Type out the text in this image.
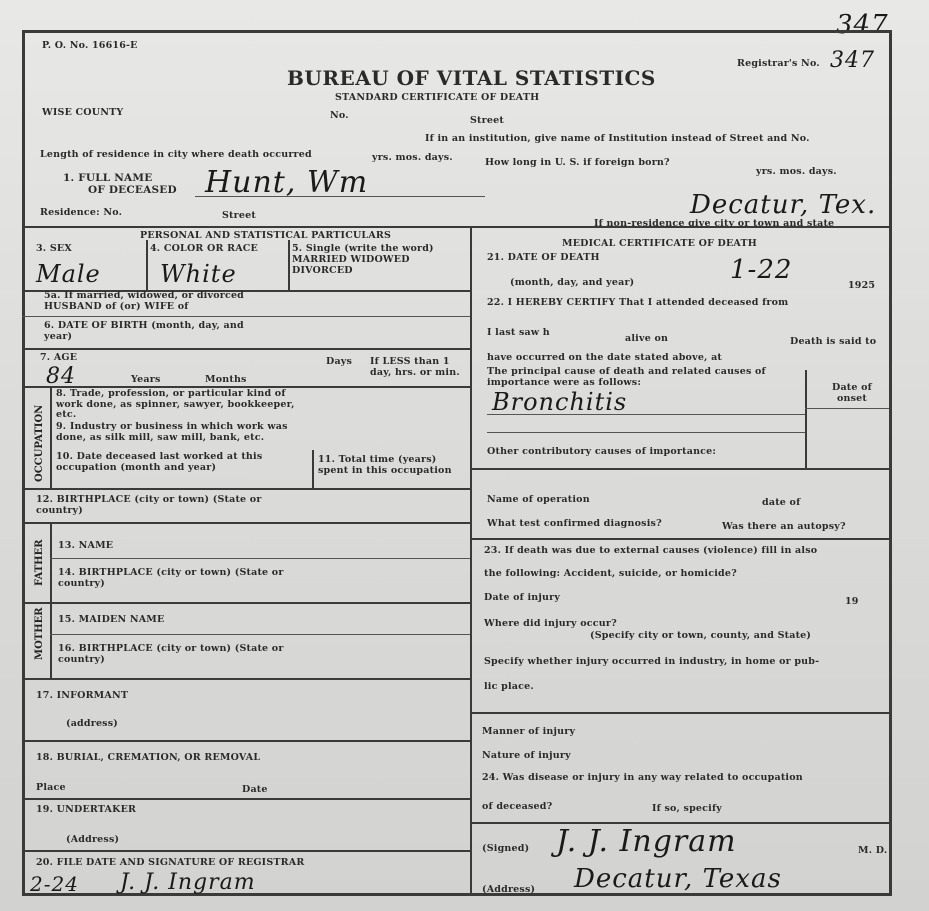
347
P. O. No. 16616-E
BUREAU OF VITAL STATISTICS
STANDARD CERTIFICATE OF DEATH
Registrar's No. 347
WISE COUNTY	No.	Street
If in an institution, give name of Institution instead of Street and No.
Length of residence in city where death occurred	yrs. mos. days.	How long in U. S. if foreign born?
yrs. mos. days.
1. FULL NAME
OF DECEASED Hunt, Wm
Residence: No.	Street	Decatur, Tex.
If non-residence give city or town and state
PERSONAL AND STATISTICAL PARTICULARS
3. SEX	4. COLOR OR RACE	5. Single (write the word) MARRIED WIDOWED DIVORCED
Male White
5a. If married, widowed, or divorced HUSBAND of (or) WIFE of
6. DATE OF BIRTH (month, day, and year)
7. AGE
84	Years	Months
Days If LESS than 1 day, hrs. or min.
OCCUPATION
8. Trade, profession, or particular kind of work done, as spinner, sawyer, bookkeeper, etc.
9. Industry or business in which work was done, as silk mill, saw mill, bank, etc.
10. Date deceased last worked at this occupation (month and year)
11. Total time (years) spent in this occupation
12. BIRTHPLACE (city or town) (State or country)
FATHER 13. NAME
14. BIRTHPLACE (city or town) (State or country)
MOTHER 15. MAIDEN NAME
16. BIRTHPLACE (city or town) (State or country)
17. INFORMANT
(address)
18. BURIAL, CREMATION, OR REMOVAL
Place	Date
19. UNDERTAKER
(Address)
20. FILE DATE AND SIGNATURE OF REGISTRAR
2-24 J. J. Ingram
MEDICAL CERTIFICATE OF DEATH
21. DATE OF DEATH
(month, day, and year)	1-22
1925
22. I HEREBY CERTIFY That I attended deceased from
I last saw h
alive on	Death is said to
have occurred on the date stated above, at
The principal cause of death and related causes of importance were as follows:	Date of onset
Bronchitis
Other contributory causes of importance:
Name of operation	date of
What test confirmed diagnosis?	Was there an autopsy?
23. If death was due to external causes (violence) fill in also
the following: Accident, suicide, or homicide?
Date of injury	19
Where did injury occur?
(Specify city or town, county, and State)
Specify whether injury occurred in industry, in home or pub-
lic place.
Manner of injury
Nature of injury
24. Was disease or injury in any way related to occupation
of deceased?	If so, specify
(Signed) J. J. Ingram	M. D.
(Address) Decatur, Texas
